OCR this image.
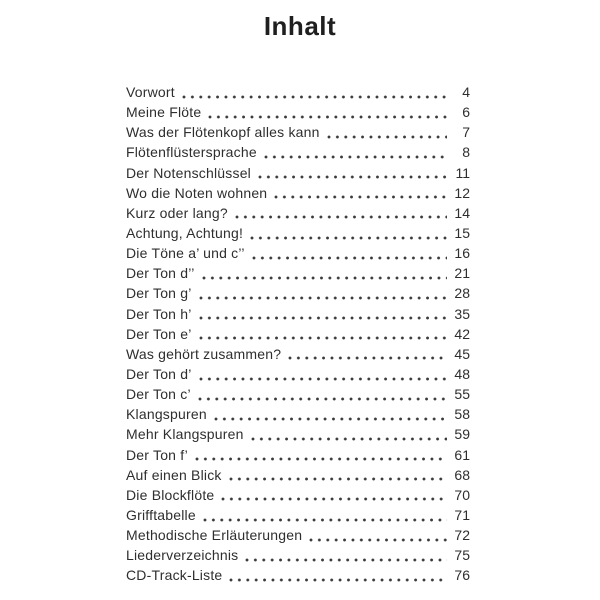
Inhalt
Vorwort	4
Meine Flöte	6
Was der Flötenkopf alles kann	7
Flötenflüstersprache	8
Der Notenschlüssel	11
Wo die Noten wohnen	12
Kurz oder lang?	14
Achtung, Achtung!	15
Die Töne a’ und c’’	16
Der Ton d’’	21
Der Ton g’	28
Der Ton h’	35
Der Ton e’	42
Was gehört zusammen?	45
Der Ton d’	48
Der Ton c’	55
Klangspuren	58
Mehr Klangspuren	59
Der Ton f’	61
Auf einen Blick	68
Die Blockflöte	70
Grifftabelle	71
Methodische Erläuterungen	72
Liederverzeichnis	75
CD-Track-Liste	76
